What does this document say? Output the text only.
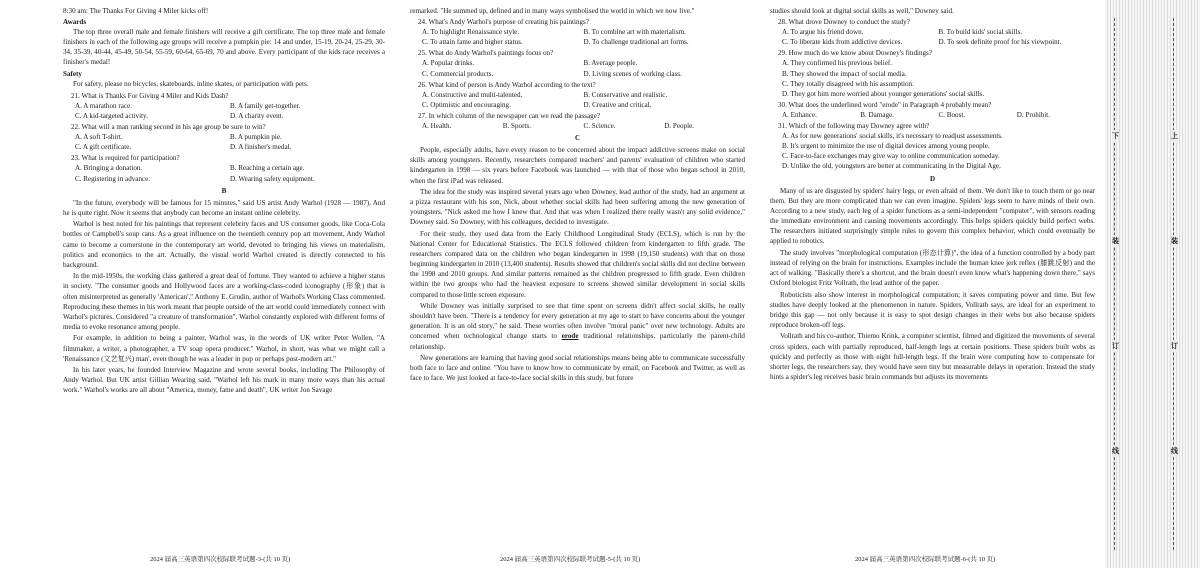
8:30 am: The Thanks For Giving 4 Miler kicks off!

Awards

The top three overall male and female finishers will receive a gift certificate. The top three male and female finishers in each of the following age groups will receive a pumpkin pie: 14 and under, 15-19, 20-24, 25-29, 30-34, 35-39, 40-44, 45-49, 50-54, 55-59, 60-64, 65-69, 70 and above. Every participant of the kids race receives a finisher's medal!

Safety

For safety, please no bicycles, skateboards, inline skates, or participation with pets.

21. What is Thanks For Giving 4 Miler and Kids Dash?

A. A marathon race.	B. A family get-together.
C. A kid-targeted activity.	D. A charity event.

22. What will a man ranking second in his age group be sure to win?

A. A soft T-shirt.	B. A pumpkin pie.
C. A gift certificate.	D. A finisher's medal.

23. What is required for participation?

A. Bringing a donation.	B. Reaching a certain age.
C. Registering in advance.	D. Wearing safety equipment.

B

"In the future, everybody will be famous for 15 minutes," said US artist Andy Warhol (1928 — 1987). And he is quite right. Now it seems that anybody can become an instant online celebrity.

Warhol is best noted for his paintings that represent celebrity faces and US consumer goods, like Coca-Cola bottles or Campbell's soup cans. As a great influence on the twentieth century pop art movement, Andy Warhol came to become a cornerstone in the contemporary art world, devoted to bringing his views on materialism, politics and economics to the art. Actually, the visual world Warhol created is directly connected to his background.

In the mid-1950s, the working class gathered a great deal of fortune. They wanted to achieve a higher status in society. "The consumer goods and Hollywood faces are a working-class-coded iconography (形象) that is often misinterpreted as generally 'American'," Anthony E. Grudin, author of Warhol's Working Class commented. Reproducing these themes in his work meant that people outside of the art world could immediately connect with Warhol's pictures. Considered "a creature of transformation", Warhol constantly explored with different forms of media to evoke resonance among people.

For example, in addition to being a painter, Warhol was, in the words of UK writer Peter Wollen, "A filmmaker, a writer, a photographer, a TV soap opera producer." Warhol, in short, was what we might call a 'Renaissance (文艺复兴) man', even though he was a leader in pop or perhaps post-modern art."

In his later years, he founded Interview Magazine and wrote several books, including The Philosophy of Andy Warhol. But UK artist Gillian Wearing said, "Warhol left his mark in many more ways than his actual work." Warhol's works are all about "America, money, fame and death", UK writer Jon Savage

2024 届高三英语第四次校际联考试题-3-(共 10 页)

remarked. "He summed up, defined and in many ways symbolised the world in which we now live."

24. What's Andy Warhol's purpose of creating his paintings?

A. To highlight Renaissance style.	B. To combine art with materialism.
C. To attain fame and higher status.	D. To challenge traditional art forms.

25. What do Andy Warhol's paintings focus on?

A. Popular drinks.	B. Average people.
C. Commercial products.	D. Living scenes of working class.

26. What kind of person is Andy Warhol according to the text?

A. Constructive and multi-talented.	B. Conservative and realistic.
C. Optimistic and encouraging.	D. Creative and critical.

27. In which column of the newspaper can we read the passage?

A. Health.	B. Sports.	C. Science.	D. People.

C

People, especially adults, have every reason to be concerned about the impact addictive screens make on social skills among youngsters. Recently, researchers compared teachers' and parents' evaluation of children who started kindergarten in 1998 — six years before Facebook was launched — with that of those who began school in 2010, when the first iPad was released.

The idea for the study was inspired several years ago when Downey, lead author of the study, had an argument at a pizza restaurant with his son, Nick, about whether social skills had been suffering among the new generation of youngsters. "Nick asked me how I knew that. And that was when I realized there really wasn't any solid evidence," Downey said. So Downey, with his colleagues, decided to investigate.

For their study, they used data from the Early Childhood Longitudinal Study (ECLS), which is run by the National Center for Educational Statistics. The ECLS followed children from kindergarten to fifth grade. The researchers compared data on the children who began kindergarten in 1998 (19,150 students) with that on those beginning kindergarten in 2010 (13,400 students). Results showed that children's social skills did not decline between the 1998 and 2010 groups. And similar patterns remained as the children progressed to fifth grade. Even children within the two groups who had the heaviest exposure to screens showed similar development in social skills compared to those little screen exposure.

While Downey was initially surprised to see that time spent on screens didn't affect social skills, he really shouldn't have been. "There is a tendency for every generation at my age to start to have concerns about the younger generation. It is an old story," he said. These worries often involve "moral panic" over new technology. Adults are concerned when technological change starts to erode traditional relationships, particularly the parent-child relationship.

New generations are learning that having good social relationships means being able to communicate successfully both face to face and online. "You have to know how to communicate by email, on Facebook and Twitter, as well as face to face. We just looked at face-to-face social skills in this study, but future

2024 届高三英语第四次校际联考试题-5-(共 10 页)

studies should look at digital social skills as well," Downey said.

28. What drove Downey to conduct the study?

A. To argue his friend down.	B. To build kids' social skills.
C. To liberate kids from addictive devices.	D. To seek definite proof for his viewpoint.

29. How much do we know about Downey's findings?

A. They confirmed his previous belief.
B. They showed the impact of social media.
C. They totally disagreed with his assumption.
D. They got him more worried about younger generations' social skills.

30. What does the underlined word "erode" in Paragraph 4 probably mean?

A. Enhance.	B. Damage.	C. Boost.	D. Prohibit.

31. Which of the following may Downey agree with?

A. As for new generations' social skills, it's necessary to readjust assessments.
B. It's urgent to minimize the use of digital devices among young people.
C. Face-to-face exchanges may give way to online communication someday.
D. Unlike the old, youngsters are better at communicating in the Digital Age.

D

Many of us are disgusted by spiders' hairy legs, or even afraid of them. We don't like to touch them or go near them. But they are more complicated than we can even imagine. Spiders' legs seem to have minds of their own. According to a new study, each leg of a spider functions as a semi-independent "computer", with sensors reading the immediate environment and causing movements accordingly. This helps spiders quickly build perfect webs. The researchers initiated surprisingly simple rules to govern this complex behavior, which could eventually be applied to robotics.

The study involves "morphological computation (形态计算)", the idea of a function controlled by a body part instead of relying on the brain for instructions. Examples include the human knee jerk reflex (膝跳反射) and the act of walking. "Basically there's a shortcut, and the brain doesn't even know what's happening down there," says Oxford biologist Fritz Vollrath, the lead author of the paper.

Roboticists also show interest in morphological computation; it saves computing power and time. But few studies have deeply looked at the phenomenon in nature. Spiders, Vollrath says, are ideal for an experiment to bridge this gap — not only because it is easy to spot design changes in their webs but also because spiders reproduce broken-off legs.

Vollrath and his co-author, Thiemo Krink, a computer scientist, filmed and digitized the movements of several cross spiders, each with partially reproduced, half-length legs at certain positions. These spiders built webs as quickly and perfectly as those with eight full-length legs. If the brain were computing how to compensate for shorter legs, the researchers say, they would have seen tiny but measurable delays in operation. Instead the study hints a spider's leg receives basic brain commands but adjusts its movements

2024 届高三英语第四次校际联考试题-6-(共 10 页)
下
装
订
线
上
装
订
线
